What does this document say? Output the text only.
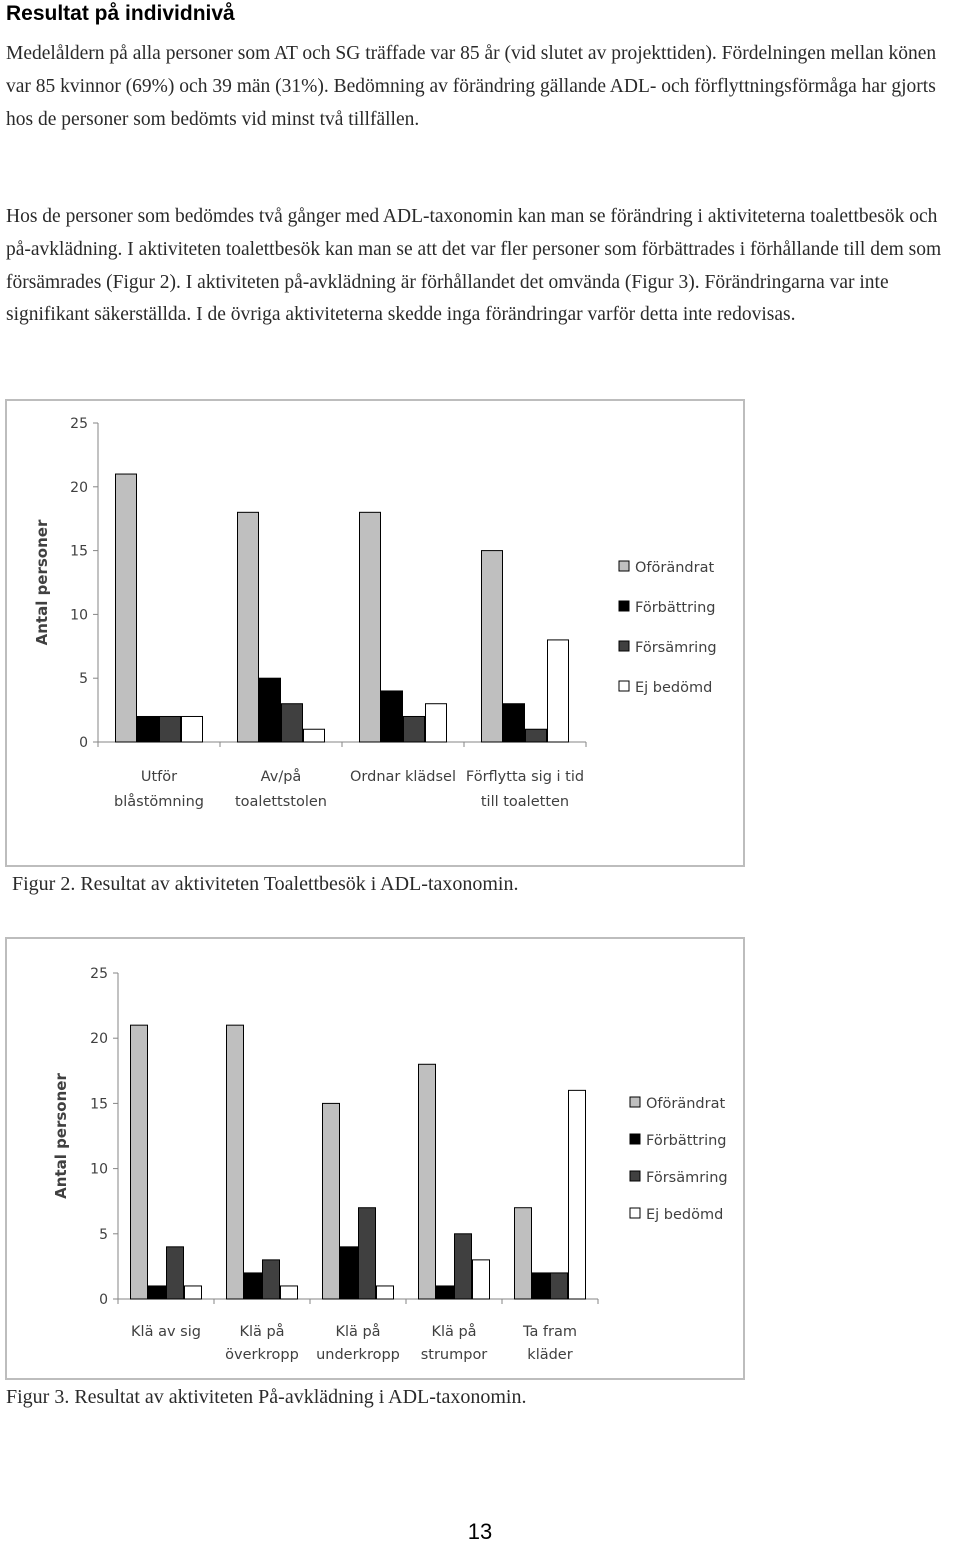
Resultat på individnivå

Medelåldern på alla personer som AT och SG träffade var 85 år (vid slutet av projekttiden). Fördelningen mellan könen var 85 kvinnor (69%) och 39 män (31%). Bedömning av förändring gällande ADL- och förflyttningsförmåga har gjorts hos de personer som bedömts vid minst två tillfällen.

Hos de personer som bedömdes två gånger med ADL-taxonomin kan man se förändring i aktiviteterna toalettbesök och på-avklädning. I aktiviteten toalettbesök kan man se att det var fler personer som förbättrades i förhållande till dem som försämrades (Figur 2). I aktiviteten på-avklädning är förhållandet det omvända (Figur 3). Förändringarna var inte signifikant säkerställda. I de övriga aktiviteterna skedde inga förändringar varför detta inte redovisas.

Antal personer
0
5
10
15
20
25
Utför
blåstömning
Av/på
toalettstolen
Ordnar klädsel Förflytta sig i tid
till toaletten
Oförändrat
Förbättring
Försämring
Ej bedömd

Figur 2. Resultat av aktiviteten Toalettbesök i ADL-taxonomin.

Antal personer
0
5
10
15
20
25
Klä av sig	Klä på
överkropp
Klä på
underkropp
Klä på
strumpor
Ta fram
kläder
Oförändrat
Förbättring
Försämring
Ej bedömd

Figur 3. Resultat av aktiviteten På-avklädning i ADL-taxonomin.

13
